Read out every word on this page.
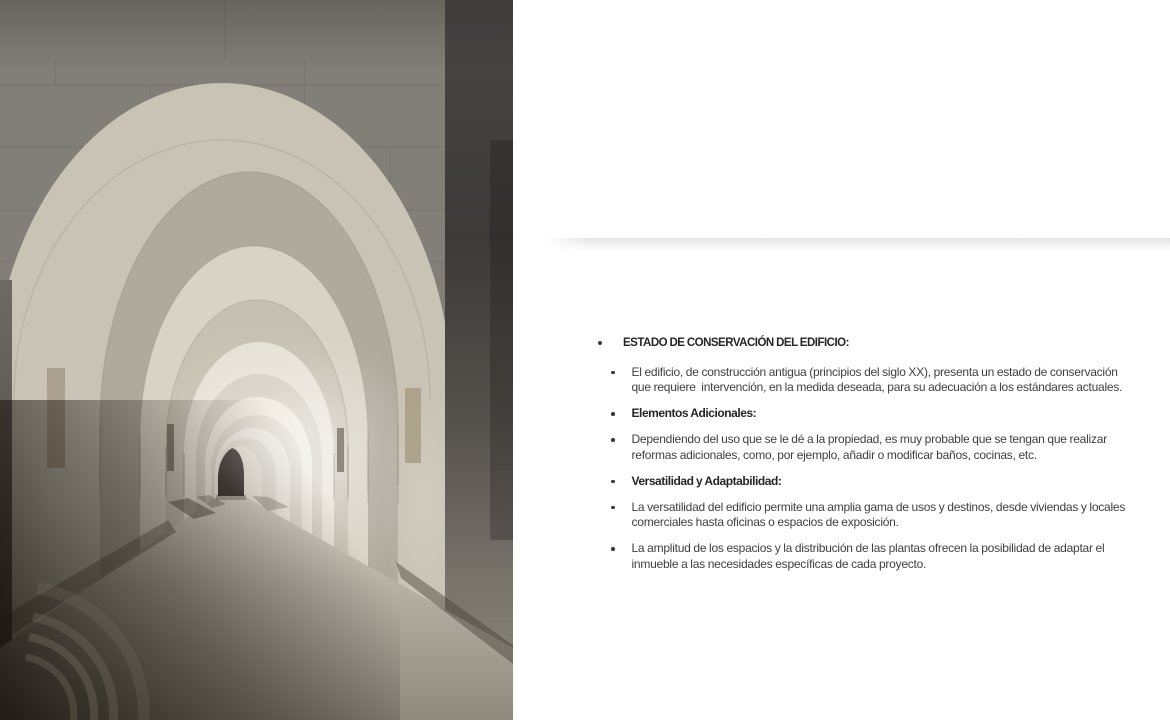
ESTADO DE CONSERVACIÓN DEL EDIFICIO:
El edificio, de construcción antigua (principios del siglo XX), presenta un estado de conservación que requiere  intervención, en la medida deseada, para su adecuación a los estándares actuales.
Elementos Adicionales:
Dependiendo del uso que se le dé a la propiedad, es muy probable que se tengan que realizar reformas adicionales, como, por ejemplo, añadir o modificar baños, cocinas, etc.
Versatilidad y Adaptabilidad:
La versatilidad del edificio permite una amplia gama de usos y destinos, desde viviendas y locales comerciales hasta oficinas o espacios de exposición.
La amplitud de los espacios y la distribución de las plantas ofrecen la posibilidad de adaptar el inmueble a las necesidades específicas de cada proyecto.
